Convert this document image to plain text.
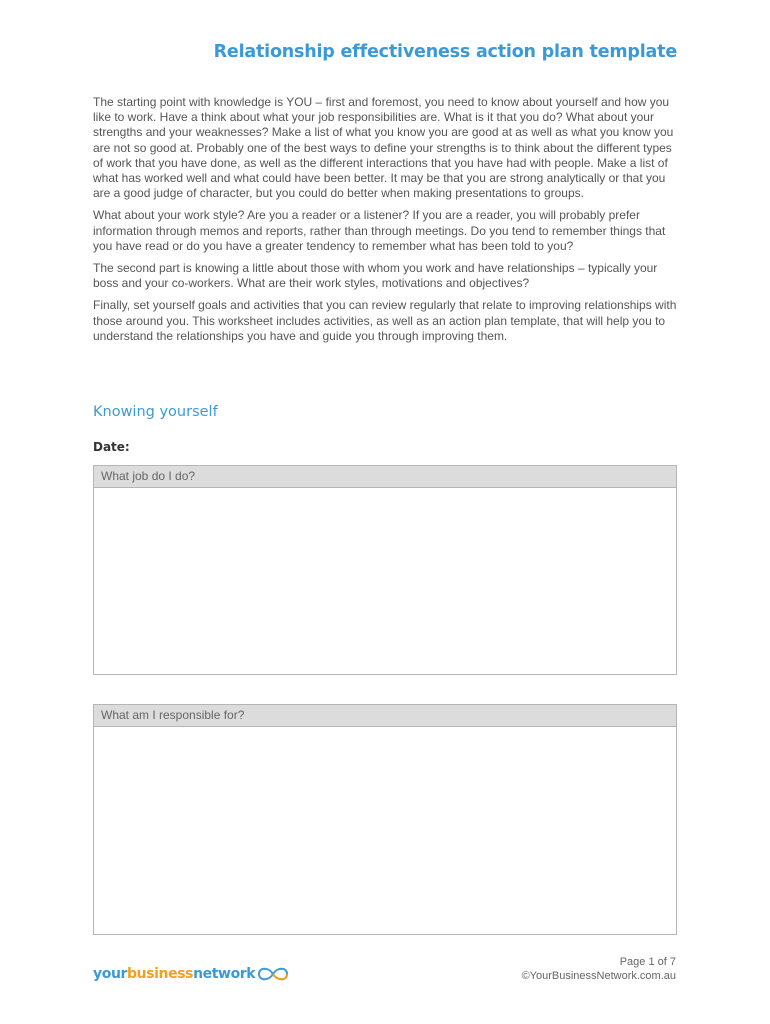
Relationship effectiveness action plan template

The starting point with knowledge is YOU – first and foremost, you need to know about yourself and how you like to work. Have a think about what your job responsibilities are. What is it that you do? What about your strengths and your weaknesses? Make a list of what you know you are good at as well as what you know you are not so good at. Probably one of the best ways to define your strengths is to think about the different types of work that you have done, as well as the different interactions that you have had with people. Make a list of what has worked well and what could have been better. It may be that you are strong analytically or that you are a good judge of character, but you could do better when making presentations to groups.

What about your work style? Are you a reader or a listener? If you are a reader, you will probably prefer information through memos and reports, rather than through meetings. Do you tend to remember things that you have read or do you have a greater tendency to remember what has been told to you?

The second part is knowing a little about those with whom you work and have relationships – typically your boss and your co-workers. What are their work styles, motivations and objectives?

Finally, set yourself goals and activities that you can review regularly that relate to improving relationships with those around you. This worksheet includes activities, as well as an action plan template, that will help you to understand the relationships you have and guide you through improving them.

Knowing yourself
Date:
What job do I do?
What am I responsible for?
your business network
Page 1 of 7
©YourBusinessNetwork.com.au
